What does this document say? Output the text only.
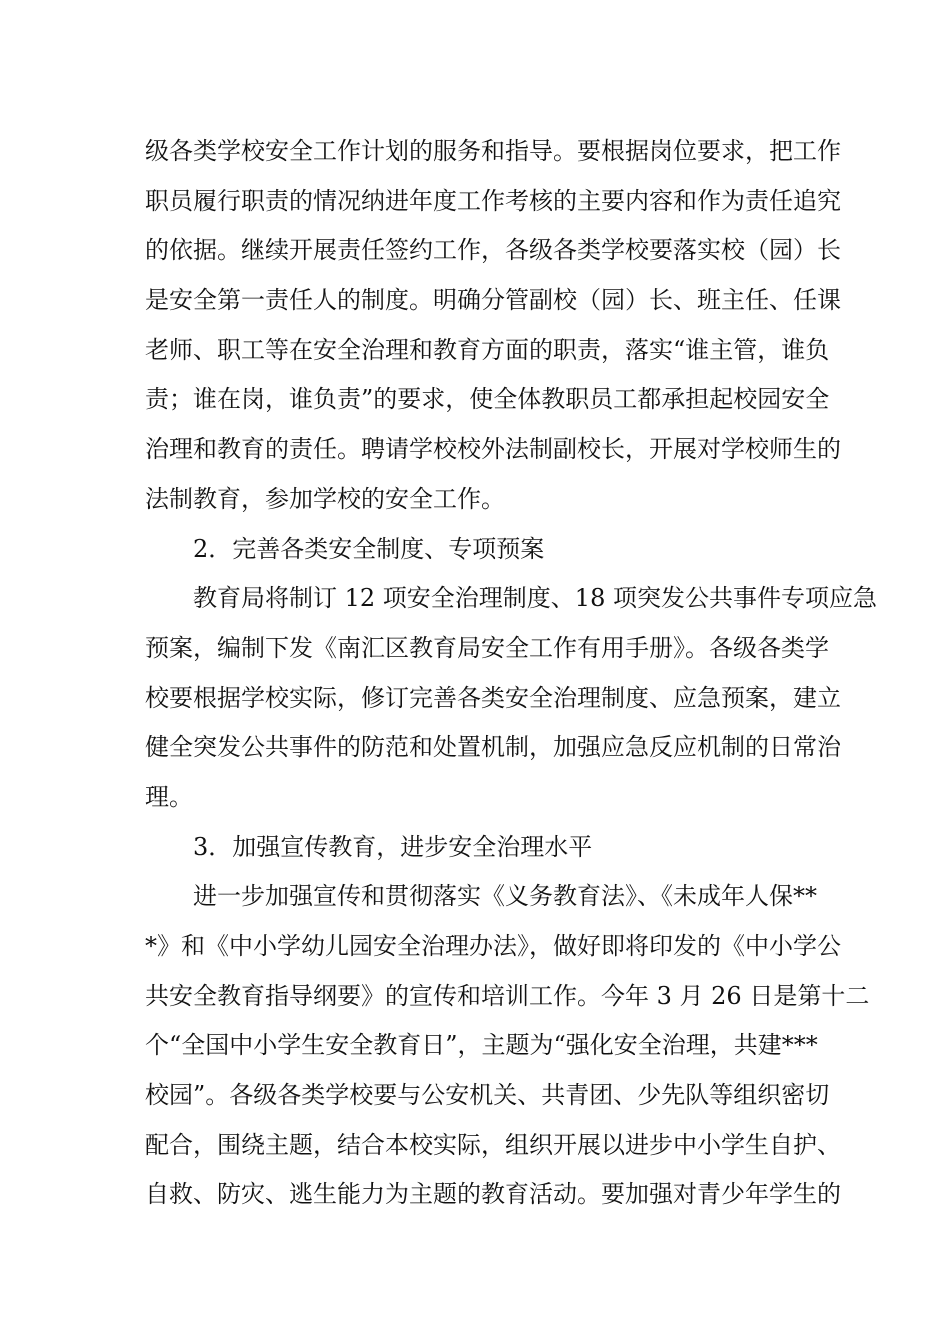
级各类学校安全工作计划的服务和指导。要根据岗位要求，把工作
职员履行职责的情况纳进年度工作考核的主要内容和作为责任追究
的依据。继续开展责任签约工作，各级各类学校要落实校（园）长
是安全第一责任人的制度。明确分管副校（园）长、班主任、任课
老师、职工等在安全治理和教育方面的职责，落实“谁主管，谁负
责；谁在岗，谁负责”的要求，使全体教职员工都承担起校园安全
治理和教育的责任。聘请学校校外法制副校长，开展对学校师生的
法制教育，参加学校的安全工作。
2．完善各类安全制度、专项预案
教育局将制订 12 项安全治理制度、18 项突发公共事件专项应急
预案，编制下发《南汇区教育局安全工作有用手册》。各级各类学
校要根据学校实际，修订完善各类安全治理制度、应急预案，建立
健全突发公共事件的防范和处置机制，加强应急反应机制的日常治
理。
3．加强宣传教育，进步安全治理水平
进一步加强宣传和贯彻落实《义务教育法》、《未成年人保**
*》和《中小学幼儿园安全治理办法》，做好即将印发的《中小学公
共安全教育指导纲要》的宣传和培训工作。今年 3 月 26 日是第十二
个“全国中小学生安全教育日”，主题为“强化安全治理，共建***
校园”。各级各类学校要与公安机关、共青团、少先队等组织密切
配合，围绕主题，结合本校实际，组织开展以进步中小学生自护、
自救、防灾、逃生能力为主题的教育活动。要加强对青少年学生的
